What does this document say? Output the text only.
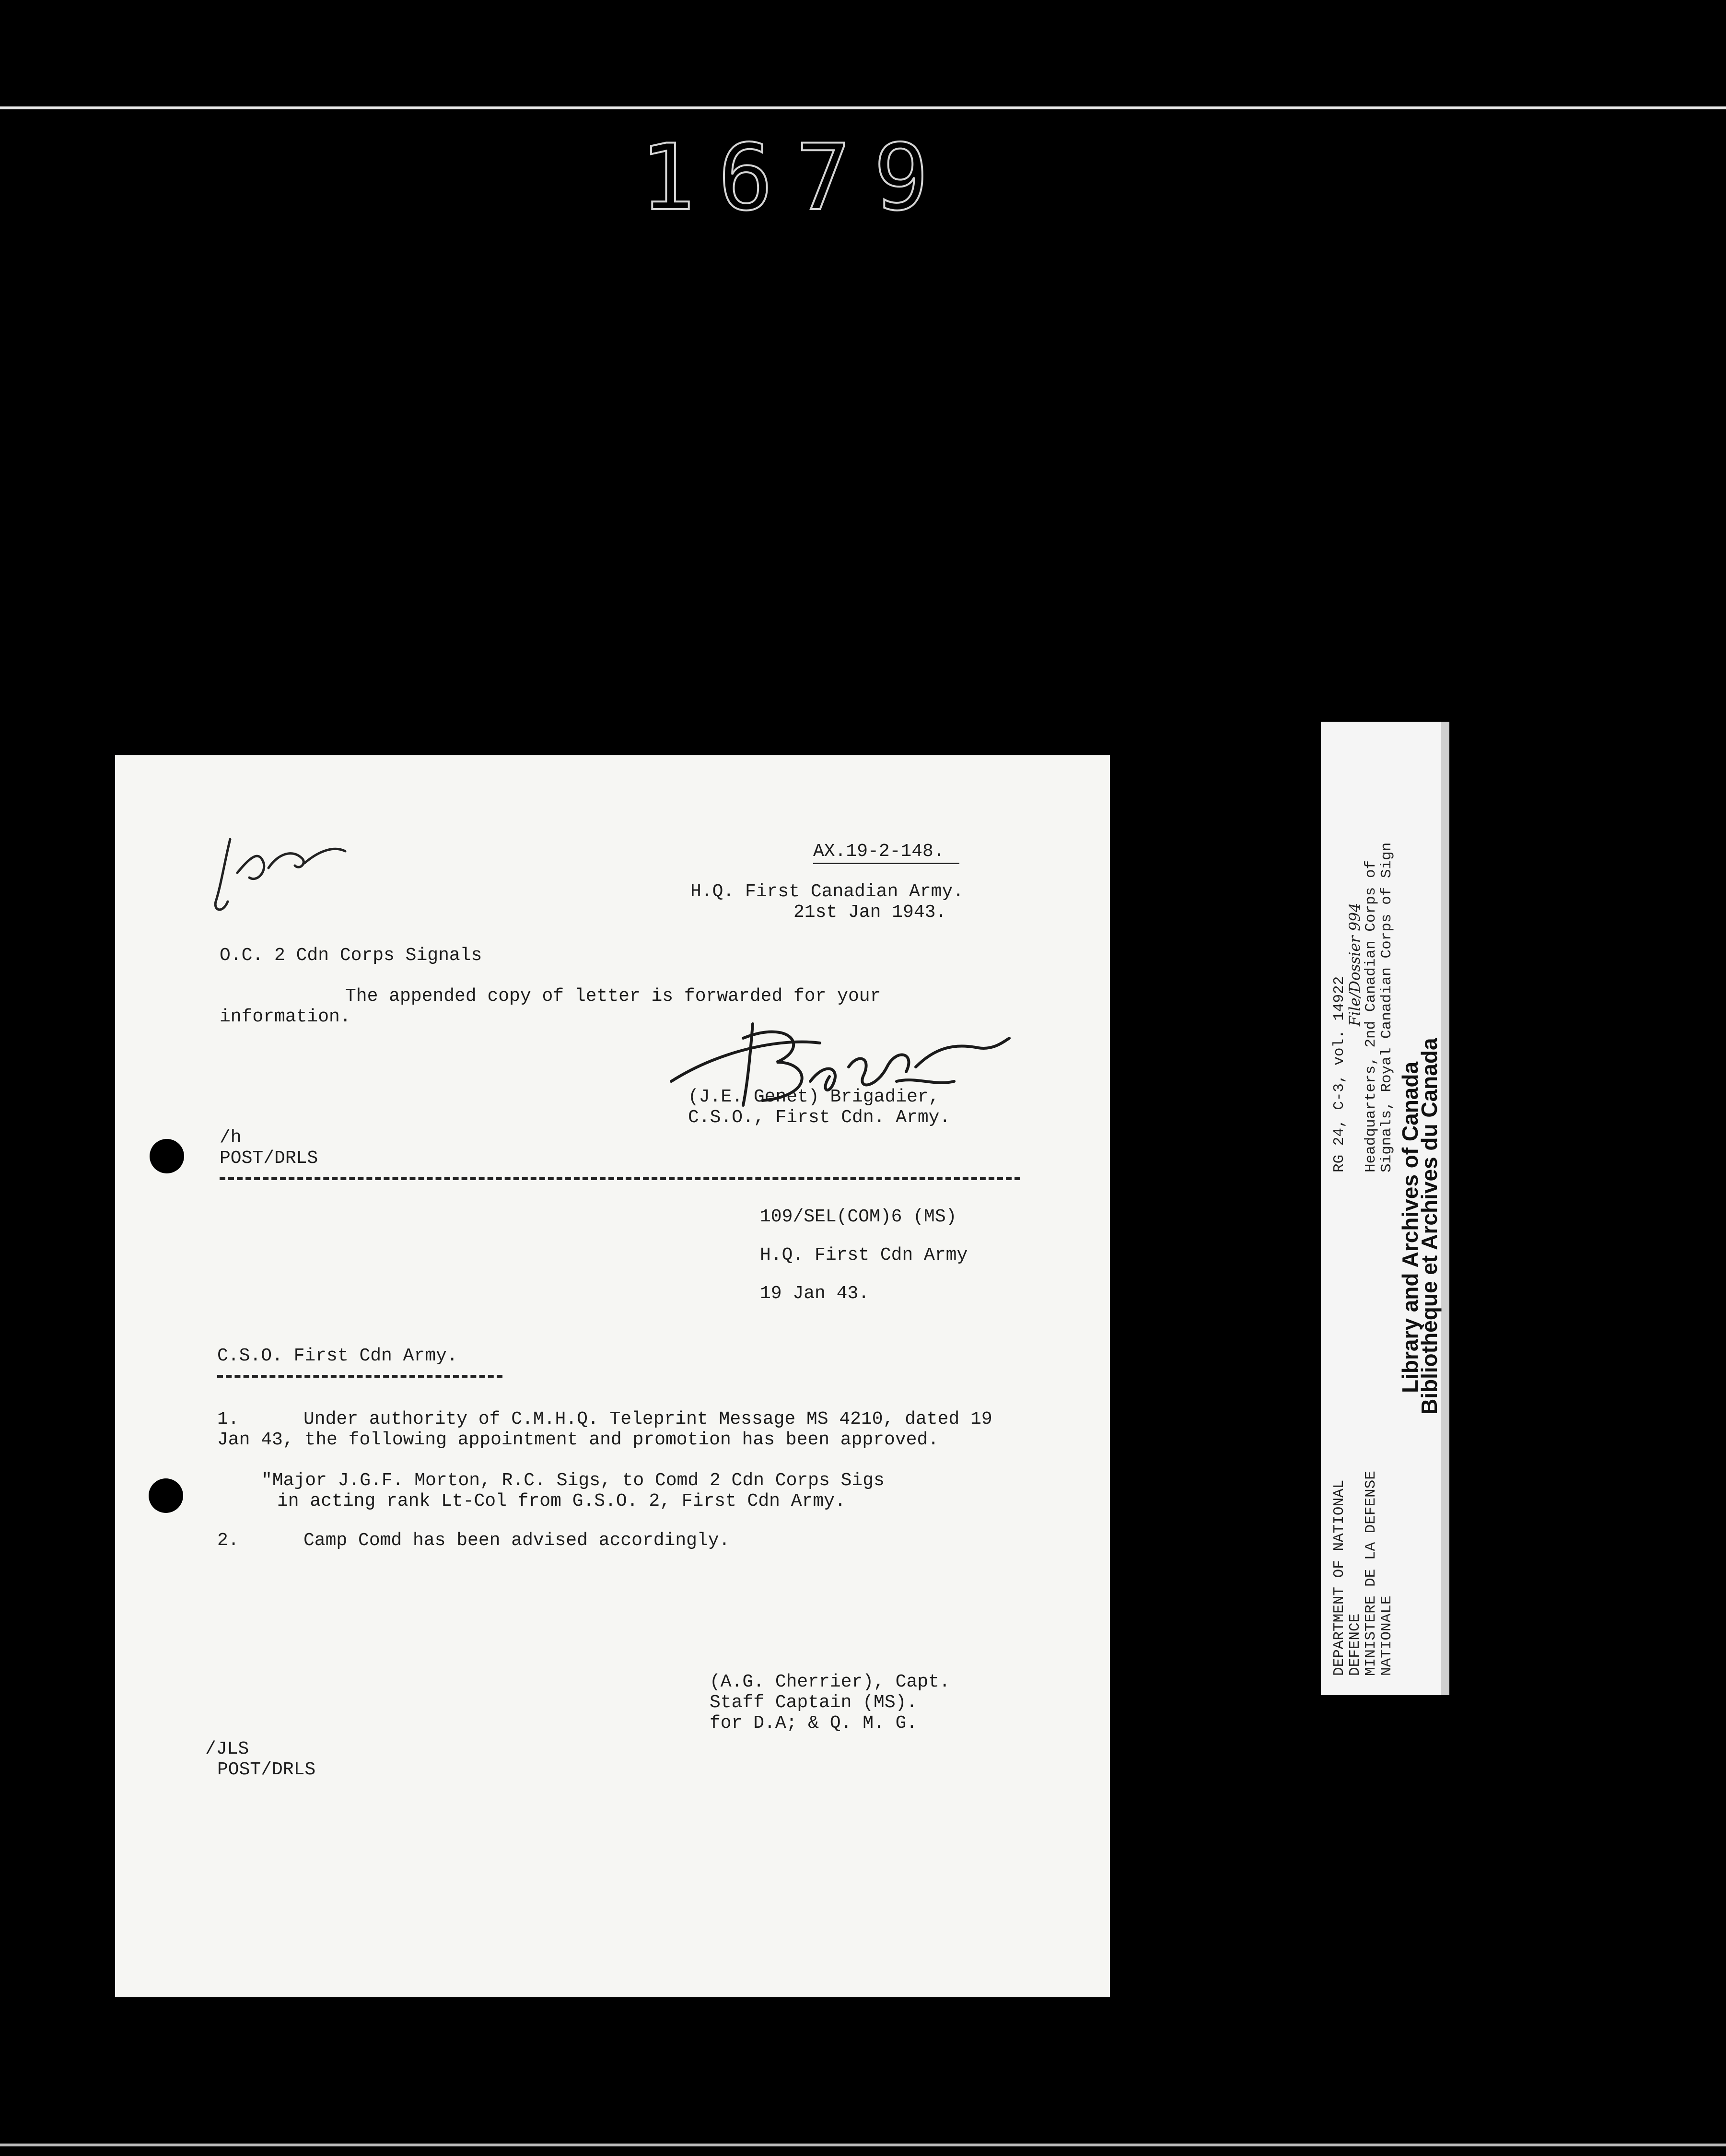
1679
AX.19-2-148.
H.Q. First Canadian Army.
21st Jan 1943.
O.C. 2 Cdn Corps Signals
The appended copy of letter is forwarded for your
information.
(J.E. Genet) Brigadier,
C.S.O., First Cdn. Army.
/h
POST/DRLS
109/SEL(COM)6 (MS)
H.Q. First Cdn Army
19 Jan 43.
C.S.O. First Cdn Army.
1.	Under authority of C.M.H.Q. Teleprint Message MS 4210, dated 19
Jan 43, the following appointment and promotion has been approved.
"Major J.G.F. Morton, R.C. Sigs, to Comd 2 Cdn Corps Sigs
in acting rank Lt-Col from G.S.O. 2, First Cdn Army.
2.	Camp Comd has been advised accordingly.
(A.G. Cherrier), Capt.
Staff Captain (MS).
for D.A; & Q. M. G.
/JLS
POST/DRLS
DEPARTMENT OF NATIONAL
DEFENCE
MINISTERE DE LA DEFENSE
NATIONALE
RG 24, C-3, vol. 14922
File/Dossier 994
Headquarters, 2nd Canadian Corps of
Signals, Royal Canadian Corps of Sign
Library and Archives of Canada
Bibliothèque et Archives du Canada
